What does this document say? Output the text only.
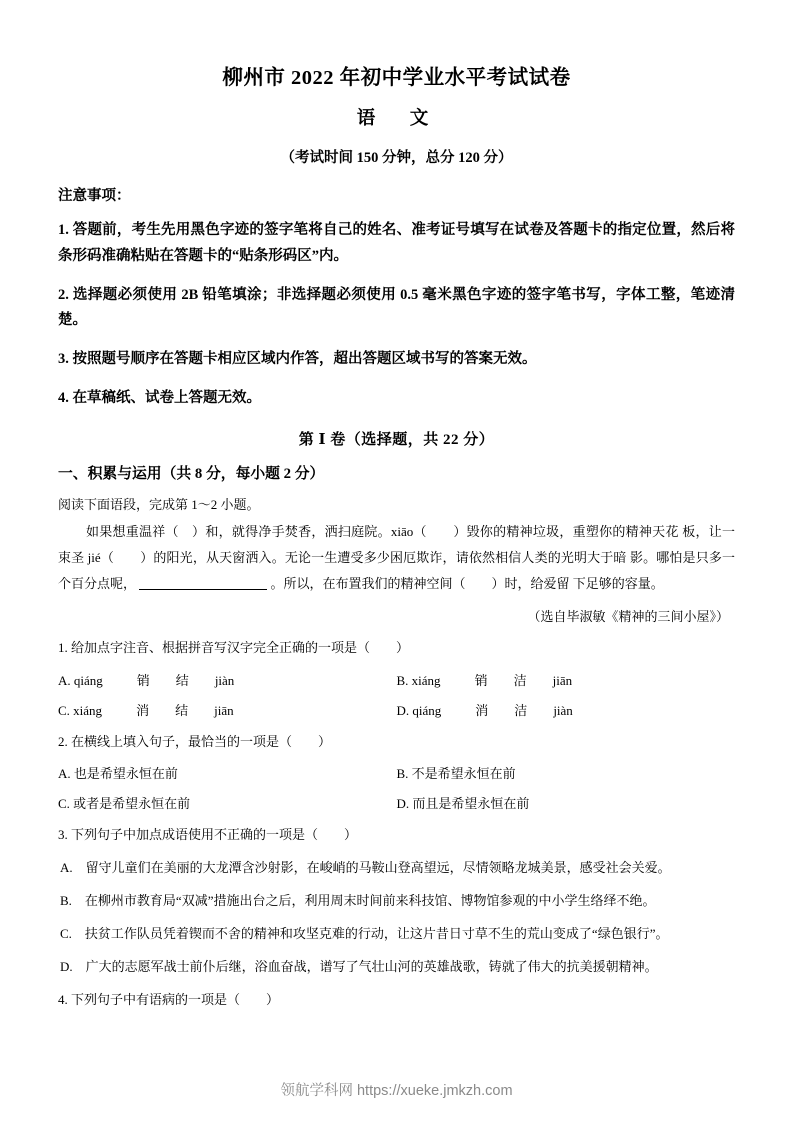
柳州市 2022 年初中学业水平考试试卷
语　文
（考试时间 150 分钟，总分 120 分）
注意事项：
1. 答题前，考生先用黑色字迹的签字笔将自己的姓名、准考证号填写在试卷及答题卡的指定位置，然后将条形码准确粘贴在答题卡的“贴条形码区”内。
2. 选择题必须使用 2B 铅笔填涂；非选择题必须使用 0.5 毫米黑色字迹的签字笔书写，字体工整，笔迹清楚。
3. 按照题号顺序在答题卡相应区域内作答，超出答题区域书写的答案无效。
4. 在草稿纸、试卷上答题无效。
第 Ⅰ 卷（选择题，共 22 分）
一、积累与运用（共 8 分，每小题 2 分）
阅读下面语段，完成第 1～2 小题。
如果想重温祥（　）和，就得净手焚香，洒扫庭院。xiāo（　　）毁你的精神垃圾，重塑你的精神天花 板，让一束圣 jié（　　）的阳光，从天窗洒入。无论一生遭受多少困厄欺诈，请依然相信人类的光明大于暗 影。哪怕是只多一个百分点呢，	。所以，在布置我们的精神空间（　　）时，给爱留 下足够的容量。
（选自毕淑敏《精神的三间小屋》）
1. 给加点字注音、根据拼音写汉字完全正确的一项是（　　）
A. qiáng	销 结 jiàn	B. xiáng	销 洁 jiān
C. xiáng	消 结 jiān	D. qiáng	消 洁 jiàn
2. 在横线上填入句子，最恰当的一项是（　　）
A. 也是希望永恒在前	B. 不是希望永恒在前
C. 或者是希望永恒在前	D. 而且是希望永恒在前
3. 下列句子中加点成语使用不正确的一项是（　　）
A.　留守儿童们在美丽的大龙潭含沙射影，在峻峭的马鞍山登高望远，尽情领略龙城美景，感受社会关爱。
B.　在柳州市教育局“双减”措施出台之后，利用周末时间前来科技馆、博物馆参观的中小学生络绎不绝。
C.　扶贫工作队员凭着锲而不舍的精神和攻坚克难的行动，让这片昔日寸草不生的荒山变成了“绿色银行”。
D.　广大的志愿军战士前仆后继，浴血奋战，谱写了气壮山河的英雄战歌，铸就了伟大的抗美援朝精神。
4. 下列句子中有语病的一项是（　　）
领航学科网 https://xueke.jmkzh.com
